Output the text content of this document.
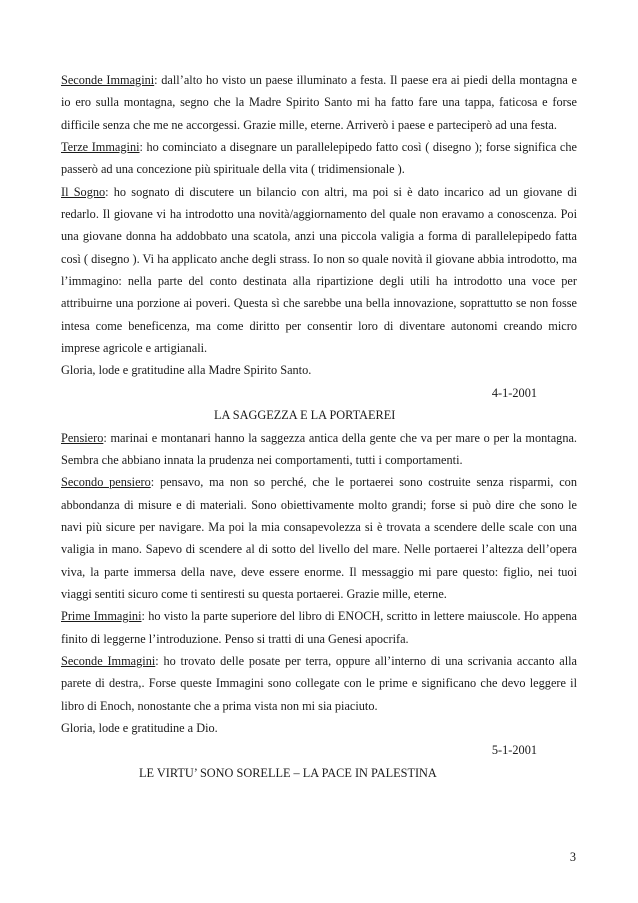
Seconde Immagini: dall’alto ho visto un paese illuminato a festa. Il paese era ai piedi della montagna e io ero sulla montagna, segno che la Madre Spirito Santo mi ha fatto fare una tappa, faticosa e forse difficile senza che me ne accorgessi. Grazie mille, eterne. Arriverò i paese e parteciperò ad una festa.

Terze Immagini: ho cominciato a disegnare un parallelepipedo fatto così ( disegno ); forse significa che passerò ad una concezione più spirituale della vita ( tridimensionale ).

Il Sogno: ho sognato di discutere un bilancio con altri, ma poi si è dato incarico ad un giovane di redarlo. Il giovane vi ha introdotto una novità/aggiornamento del quale non eravamo a conoscenza. Poi una giovane donna ha addobbato una scatola, anzi una piccola valigia a forma di parallelepipedo fatta così ( disegno ). Vi ha applicato anche degli strass. Io non so quale novità il giovane abbia introdotto, ma l’immagino: nella parte del conto destinata alla ripartizione degli utili ha introdotto una voce per attribuirne una porzione ai poveri. Questa sì che sarebbe una bella innovazione, soprattutto se non fosse intesa come beneficenza, ma come diritto per consentir loro di diventare autonomi creando micro imprese agricole e artigianali.

Gloria, lode e gratitudine alla Madre Spirito Santo.

4-1-2001

LA SAGGEZZA E LA PORTAEREI

Pensiero: marinai e montanari hanno la saggezza antica della gente che va per mare o per la montagna. Sembra che abbiano innata la prudenza nei comportamenti, tutti i comportamenti.

Secondo pensiero: pensavo, ma non so perché, che le portaerei sono costruite senza risparmi, con abbondanza di misure e di materiali. Sono obiettivamente molto grandi; forse si può dire che sono le navi più sicure per navigare. Ma poi la mia consapevolezza si è trovata a scendere delle scale con una valigia in mano. Sapevo di scendere al di sotto del livello del mare. Nelle portaerei l’altezza dell’opera viva, la parte immersa della nave, deve essere enorme. Il messaggio mi pare questo: figlio, nei tuoi viaggi sentiti sicuro come ti sentiresti su questa portaerei. Grazie mille, eterne.

Prime Immagini: ho visto la parte superiore del libro di ENOCH, scritto in lettere maiuscole. Ho appena finito di leggerne l’introduzione. Penso si tratti di una Genesi apocrifa.

Seconde Immagini: ho trovato delle posate per terra, oppure all’interno di una scrivania accanto alla parete di destra,. Forse queste Immagini sono collegate con le prime e significano che devo leggere il libro di Enoch, nonostante che a prima vista non mi sia piaciuto.

Gloria, lode e gratitudine a Dio.

5-1-2001

LE VIRTU’ SONO SORELLE – LA PACE IN PALESTINA

3
